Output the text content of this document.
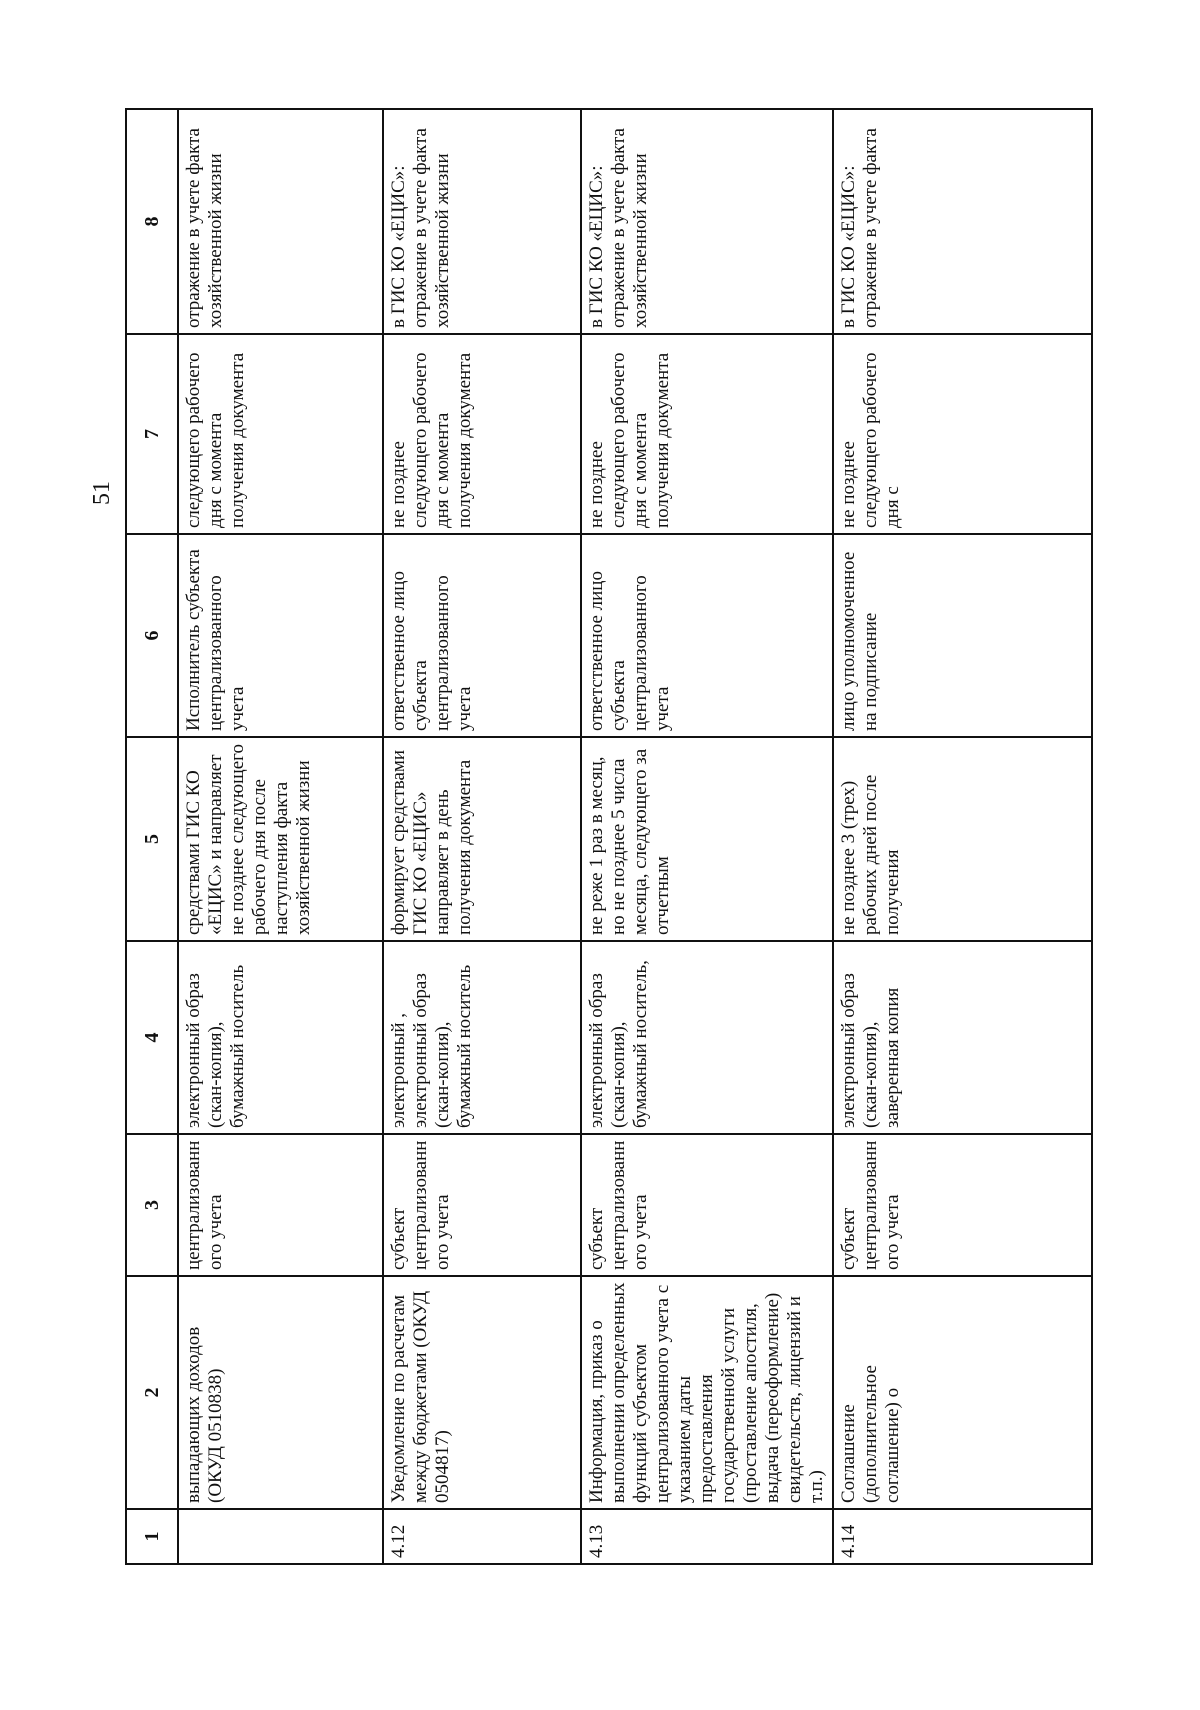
51
1	2	3	4	5	6	7	8
	выпадающих доходов (ОКУД 0510838)	централизованного учета	электронный образ (скан-копия), бумажный носитель	средствами ГИС КО «ЕЦИС» и направляет не позднее следующего рабочего дня после наступления факта хозяйственной жизни	Исполнитель субъекта централизованного учета	следующего рабочего дня с момента получения документа	отражение в учете факта хозяйственной жизни
4.12	Уведомление по расчетам между бюджетами (ОКУД 0504817)	субъект централизованного учета	электронный , электронный образ (скан-копия), бумажный носитель	формирует средствами ГИС КО «ЕЦИС» направляет в день получения документа	ответственное лицо субъекта централизованного учета	не позднее следующего рабочего дня с момента получения документа	в ГИС КО «ЕЦИС»: отражение в учете факта хозяйственной жизни
4.13	Информация, приказ о выполнении определенных функций субъектом централизованного учета с указанием даты предоставления государственной услуги (проставление апостиля, выдача (переоформление) свидетельств, лицензий и т.п.)	субъект централизованного учета	электронный образ (скан-копия), бумажный носитель,	не реже 1 раз в месяц, но не позднее 5 числа месяца, следующего за отчетным	ответственное лицо субъекта централизованного учета	не позднее следующего рабочего дня с момента получения документа	в ГИС КО «ЕЦИС»: отражение в учете факта хозяйственной жизни
4.14	Соглашение (дополнительное соглашение) о	субъект централизованного учета	электронный образ (скан-копия), заверенная копия	не позднее 3 (трех) рабочих дней после получения	лицо уполномоченное на подписание	не позднее следующего рабочего дня с	в ГИС КО «ЕЦИС»: отражение в учете факта
